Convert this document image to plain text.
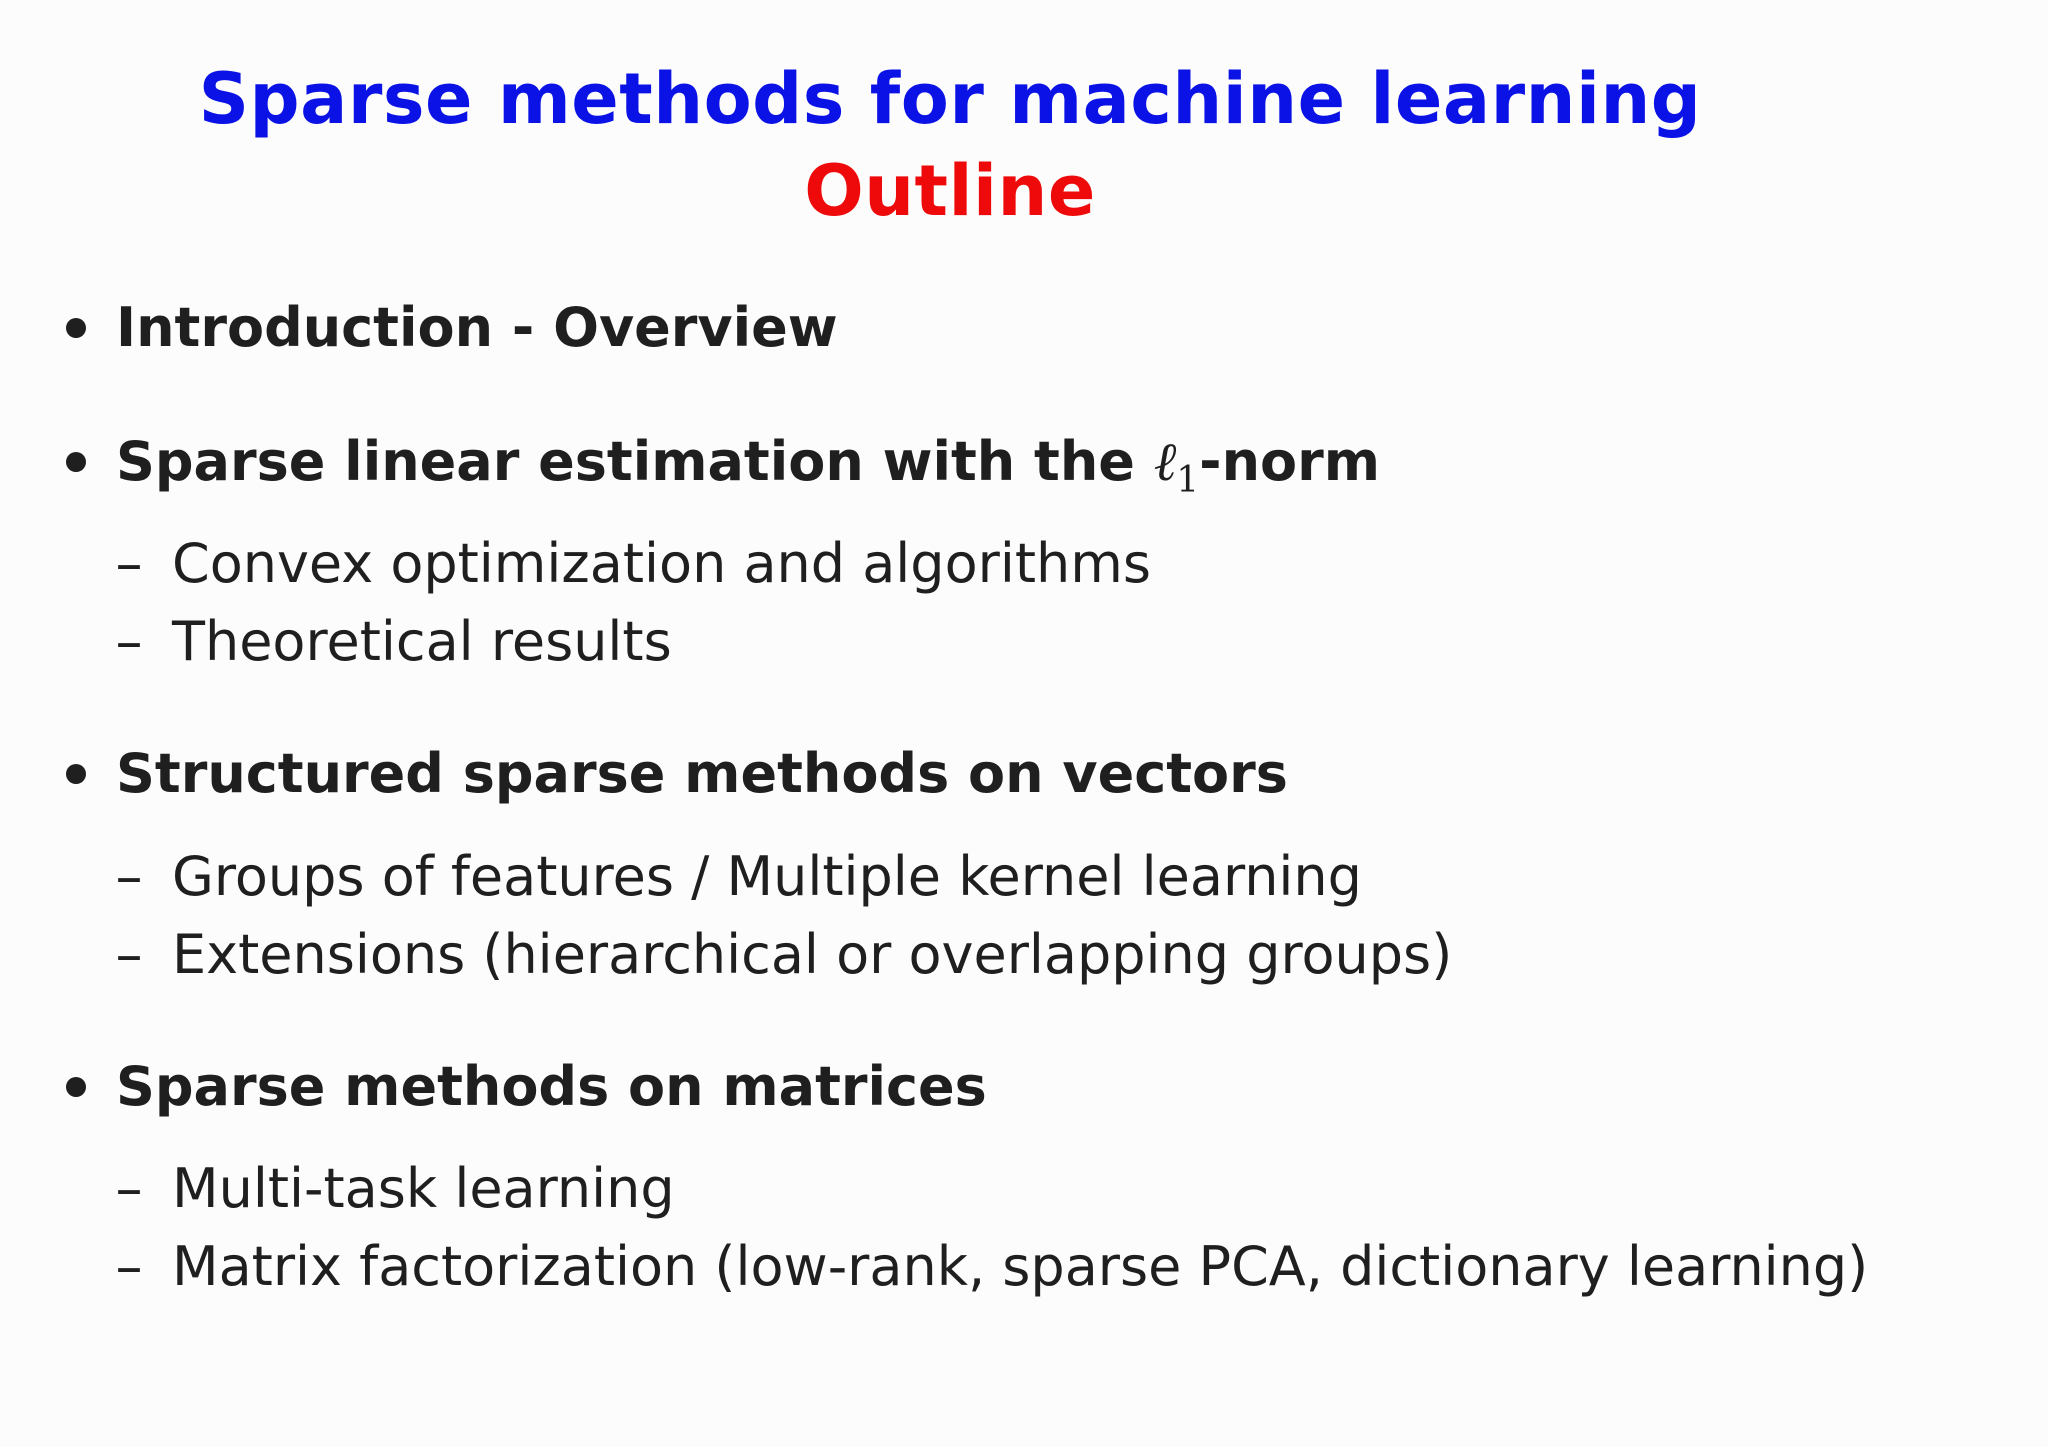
Sparse methods for machine learning
Outline
Introduction - Overview
Sparse linear estimation with the ℓ$_1$-norm
– Convex optimization and algorithms
– Theoretical results
Structured sparse methods on vectors
– Groups of features / Multiple kernel learning
– Extensions (hierarchical or overlapping groups)
Sparse methods on matrices
– Multi-task learning
– Matrix factorization (low-rank, sparse PCA, dictionary learning)
